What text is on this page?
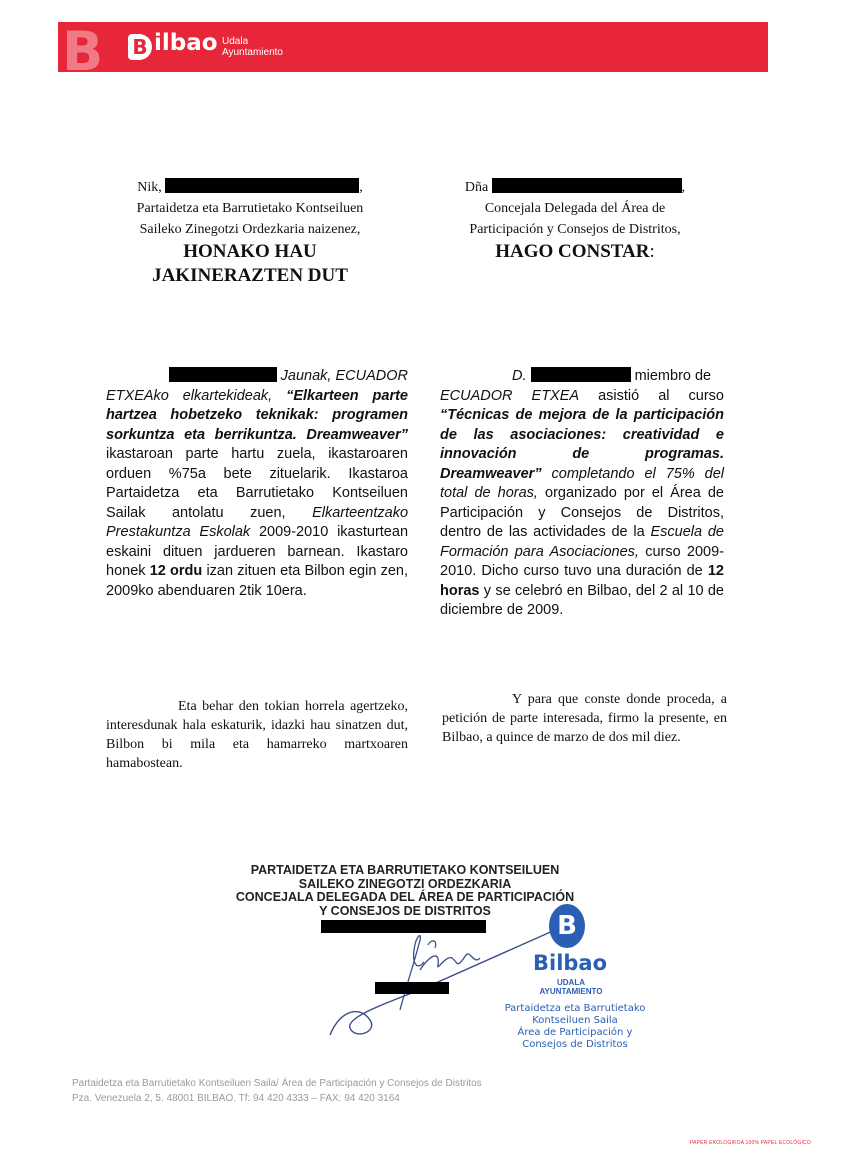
B B ilbao Udala
Ayuntamiento
Nik,	,
Partaidetza eta Barrutietako Kontseiluen
Saileko Zinegotzi Ordezkaria naizenez,
HONAKO HAU
JAKINERAZTEN DUT
Dña	,
Concejala Delegada del Área de
Participación y Consejos de Distritos,
HAGO CONSTAR:
Jaunak, ECUADOR
ETXEAko elkartekideak, “Elkarteen parte hartzea hobetzeko teknikak: programen sorkuntza eta berrikuntza. Dreamweaver” ikastaroan parte hartu zuela, ikastaroaren orduen %75a bete zituelarik. Ikastaroa Partaidetza eta Barrutietako Kontseiluen Sailak antolatu zuen, Elkarteentzako Prestakuntza Eskolak 2009-2010 ikasturtean eskaini dituen jardueren barnean. Ikastaro honek 12 ordu izan zituen eta Bilbon egin zen, 2009ko abenduaren 2tik 10era.
D.	miembro de
ECUADOR ETXEA asistió al curso “Técnicas de mejora de la participación de las asociaciones: creatividad e innovación de programas. Dreamweaver” completando el 75% del total de horas, organizado por el Área de Participación y Consejos de Distritos, dentro de las actividades de la Escuela de Formación para Asociaciones, curso 2009-2010. Dicho curso tuvo una duración de 12 horas y se celebró en Bilbao, del 2 al 10 de diciembre de 2009.
Eta behar den tokian horrela agertzeko, interesdunak hala eskaturik, idazki hau sinatzen dut, Bilbon bi mila eta hamarreko martxoaren hamabostean.
Y para que conste donde proceda, a petición de parte interesada, firmo la presente, en Bilbao, a quince de marzo de dos mil diez.
PARTAIDETZA ETA BARRUTIETAKO KONTSEILUEN
SAILEKO ZINEGOTZI ORDEZKARIA
CONCEJALA DELEGADA DEL ÁREA DE PARTICIPACIÓN
Y CONSEJOS DE DISTRITOS
B
Bilbao
UDALA
AYUNTAMIENTO
Partaidetza eta Barrutietako
Kontseiluen Saila
Área de Participación y
Consejos de Distritos
Partaidetza eta Barrutietako Kontseiluen Saila/ Área de Participación y Consejos de Distritos
Pza. Venezuela 2, 5. 48001 BILBAO. Tf: 94 420 4333 – FAX: 94 420 3164
PAPER EKOLOGIKOA 100% PAPEL ECOLÓGICO
